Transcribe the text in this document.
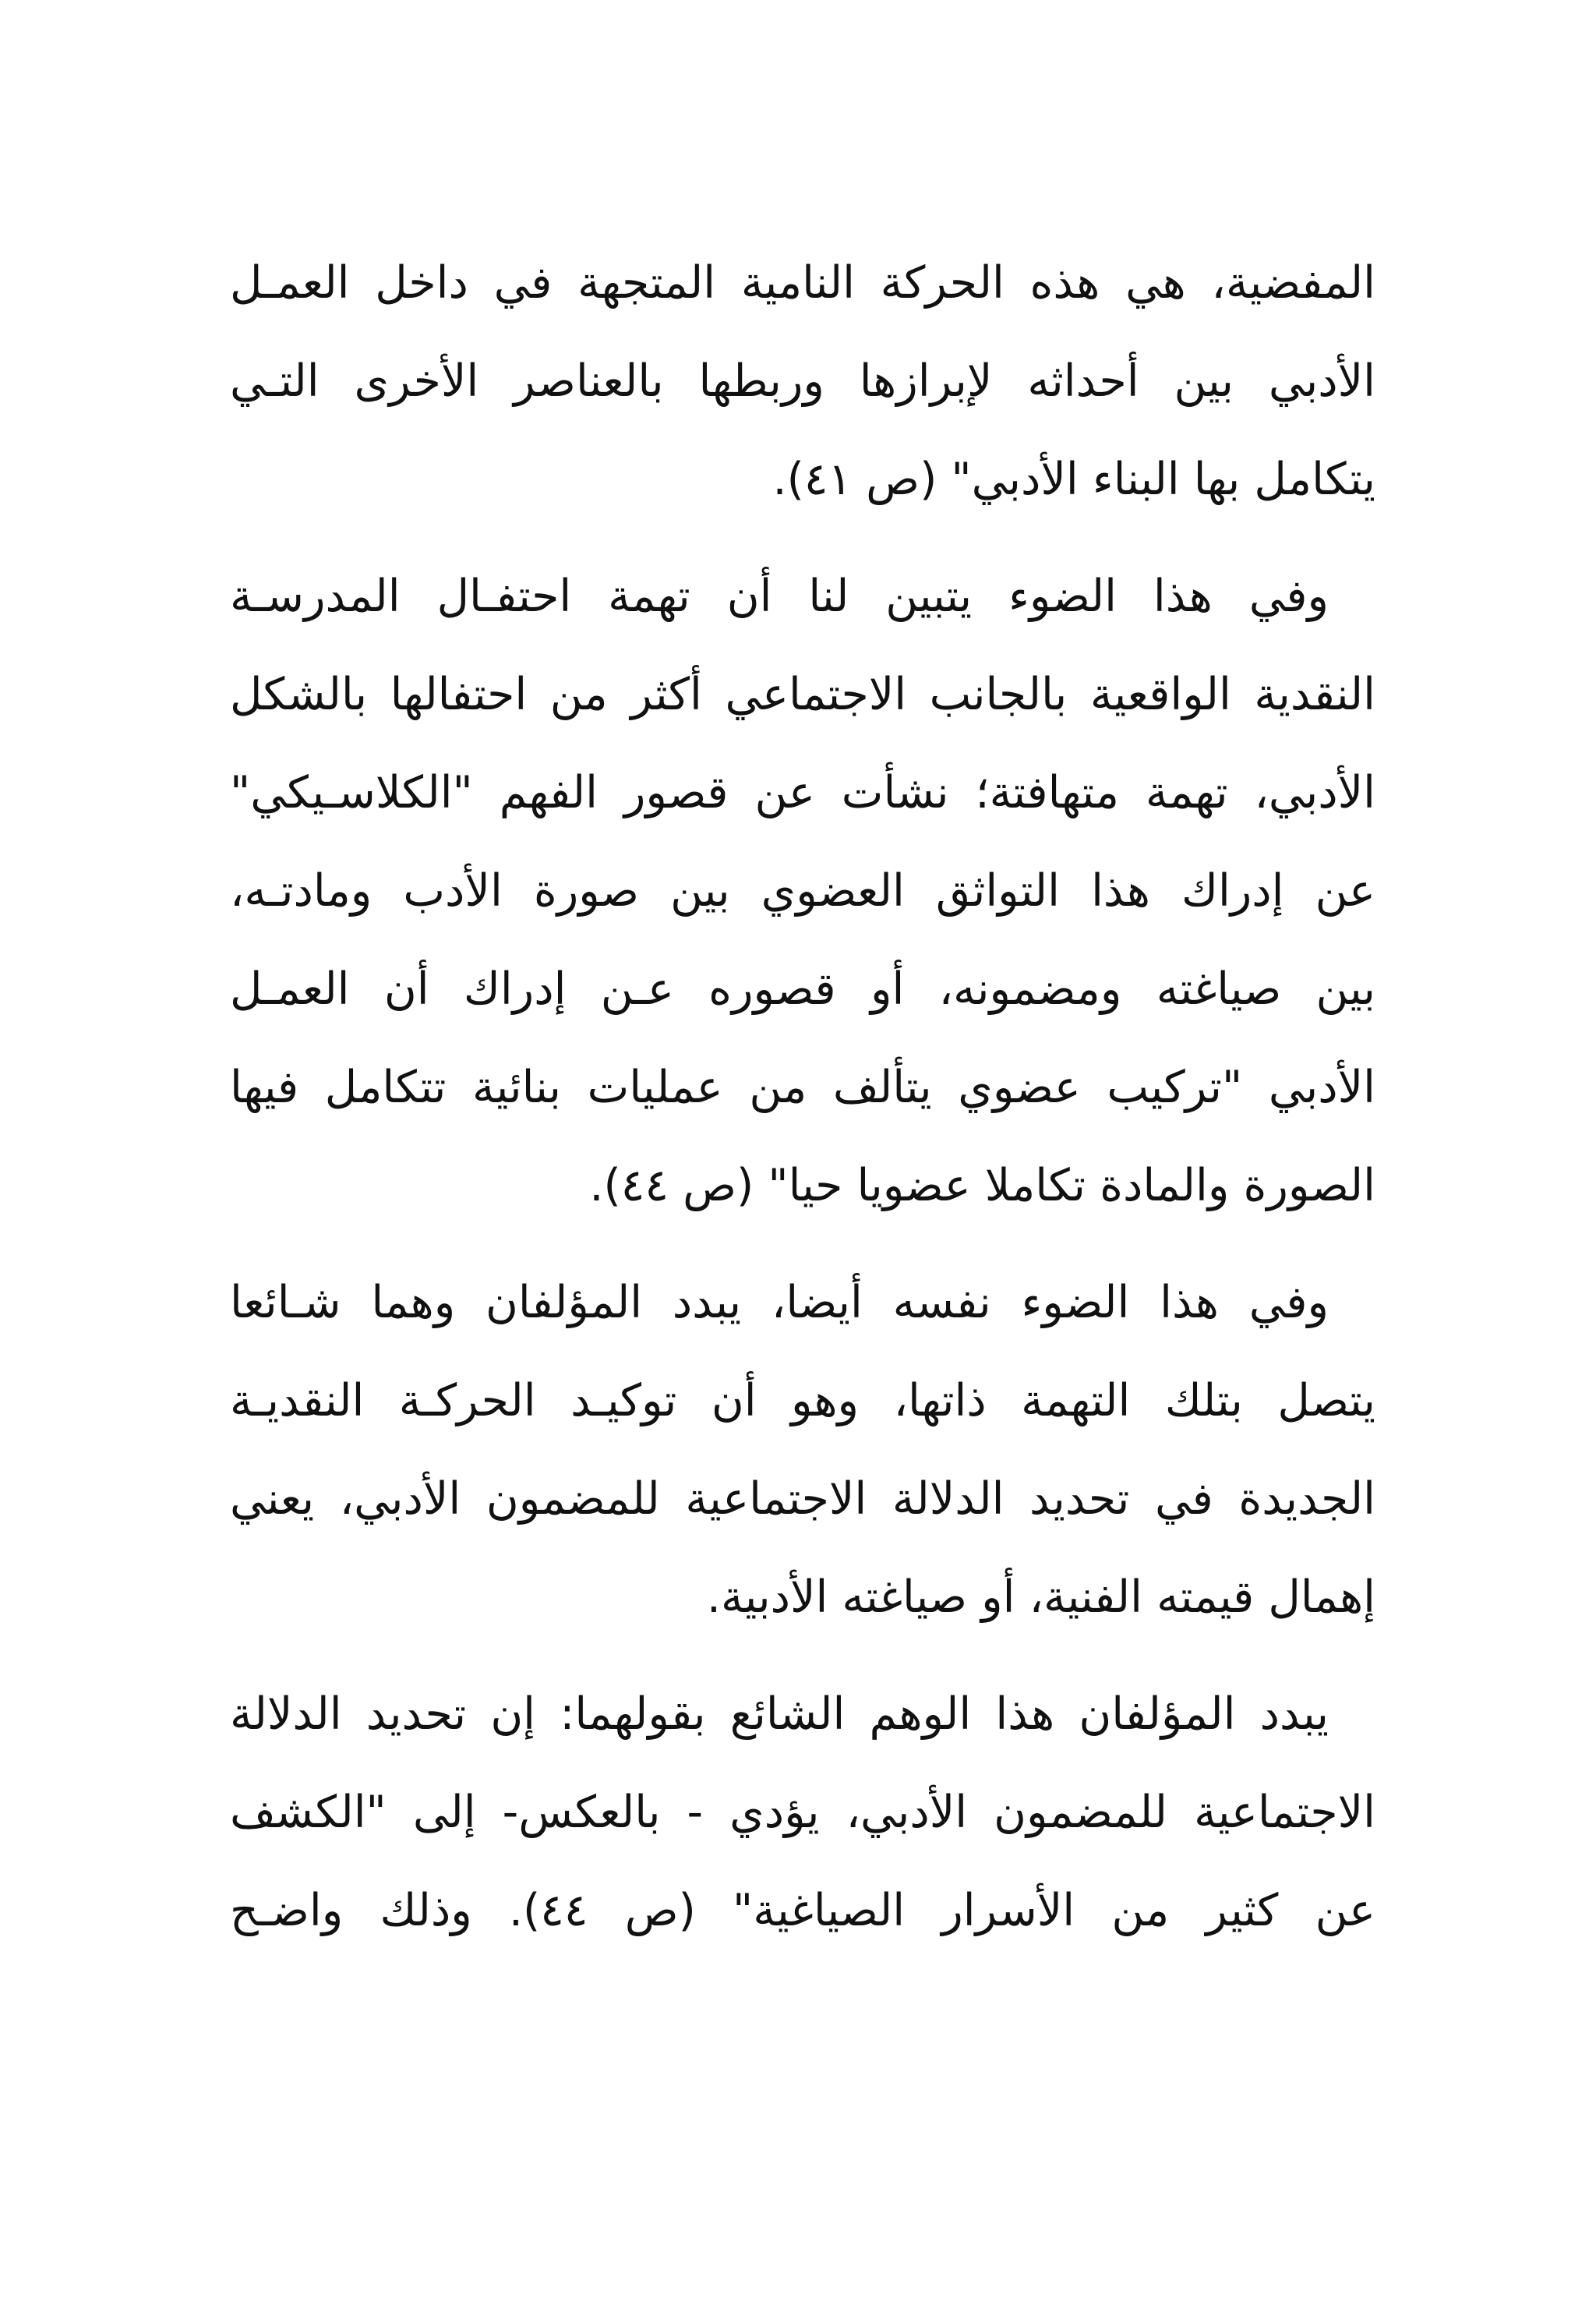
المفضية، هي هذه الحركة النامية المتجهة في داخل العمـل
الأدبي بين أحداثه لإبرازها وربطها بالعناصر الأخرى التـي
يتكامل بها البناء الأدبي" (ص ٤١).
وفي هذا الضوء يتبين لنا أن تهمة احتفـال المدرسـة
النقدية الواقعية بالجانب الاجتماعي أكثر من احتفالها بالشكل
الأدبي، تهمة متهافتة؛ نشأت عن قصور الفهم "الكلاسـيكي"
عن إدراك هذا التواثق العضوي بين صورة الأدب ومادتـه،
بين صياغته ومضمونه، أو قصوره عـن إدراك أن العمـل
الأدبي "تركيب عضوي يتألف من عمليات بنائية تتكامل فيها
الصورة والمادة تكاملا عضويا حيا" (ص ٤٤).
وفي هذا الضوء نفسه أيضا، يبدد المؤلفان وهما شـائعا
يتصل بتلك التهمة ذاتها، وهو أن توكيـد الحركـة النقديـة
الجديدة في تحديد الدلالة الاجتماعية للمضمون الأدبي، يعني
إهمال قيمته الفنية، أو صياغته الأدبية.
يبدد المؤلفان هذا الوهم الشائع بقولهما: إن تحديد الدلالة
الاجتماعية للمضمون الأدبي، يؤدي - بالعكس- إلى "الكشف
عن كثير من الأسرار الصياغية" (ص ٤٤). وذلك واضـح
